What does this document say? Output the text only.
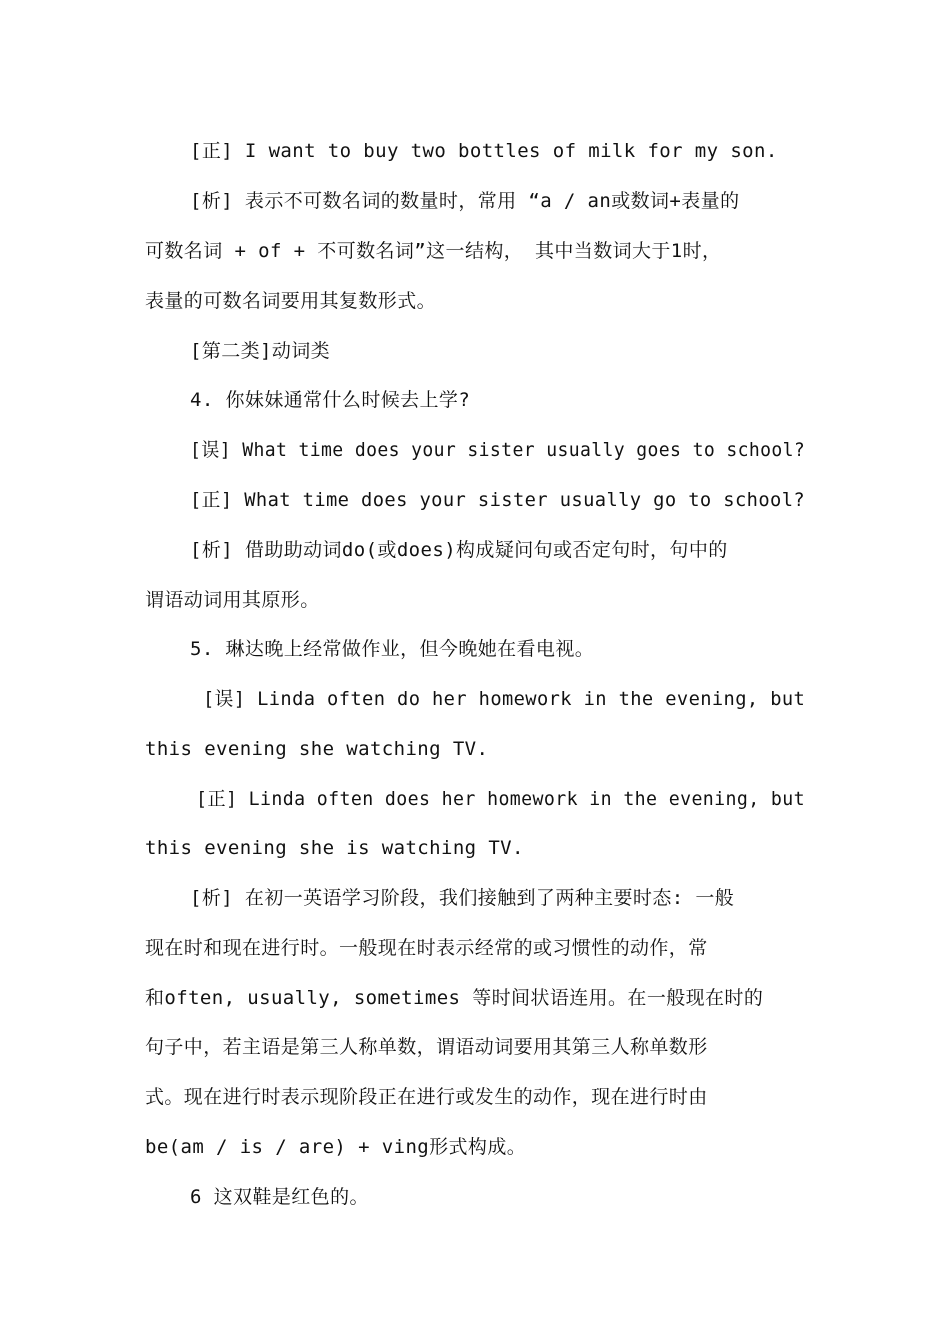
[正] I want to buy two bottles of milk for my son.
[析] 表示不可数名词的数量时，常用 “a / an或数词+表量的
可数名词 + of + 不可数名词”这一结构， 其中当数词大于1时，
表量的可数名词要用其复数形式。
[第二类]动词类
4. 你妹妹通常什么时候去上学?
[误] What time does your sister usually goes to school?
[正] What time does your sister usually go to school?
[析] 借助助动词do(或does)构成疑问句或否定句时，句中的
谓语动词用其原形。
5. 琳达晚上经常做作业，但今晚她在看电视。
[误] Linda often do her homework in the evening, but
this evening she watching TV.
[正] Linda often does her homework in the evening, but
this evening she is watching TV.
[析] 在初一英语学习阶段，我们接触到了两种主要时态: 一般
现在时和现在进行时。一般现在时表示经常的或习惯性的动作，常
和often, usually, sometimes 等时间状语连用。在一般现在时的
句子中，若主语是第三人称单数，谓语动词要用其第三人称单数形
式。现在进行时表示现阶段正在进行或发生的动作，现在进行时由
be(am / is / are) + ving形式构成。
6 这双鞋是红色的。
